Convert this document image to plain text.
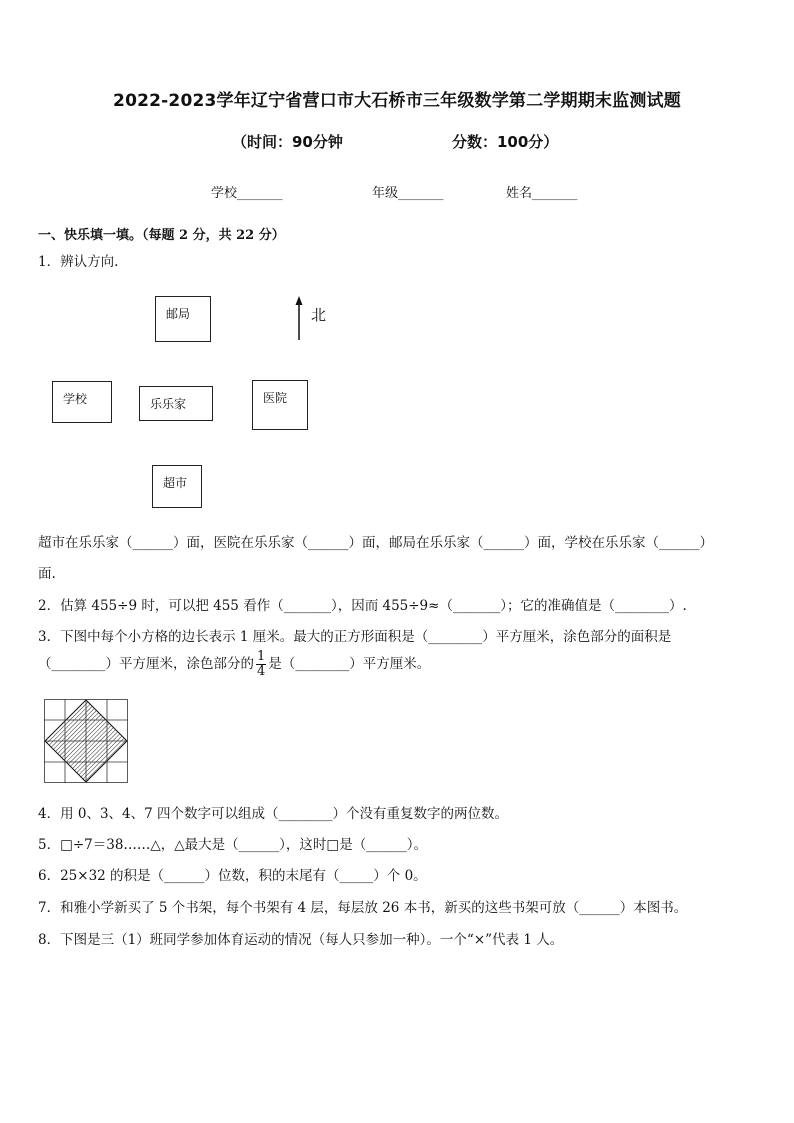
2022-2023学年辽宁省营口市大石桥市三年级数学第二学期期末监测试题
（时间：90分钟	分数：100分）
学校_______	年级_______	姓名_______
一、快乐填一填。（每题 2 分，共 22 分）
1．辨认方向.
邮局	北
学校	乐乐家	医院
超市
超市在乐乐家（______）面，医院在乐乐家（______）面，邮局在乐乐家（______）面，学校在乐乐家（______）
面.
2．估算 455÷9 时，可以把 455 看作（_______），因而 455÷9≈（_______）；它的准确值是（________）.
3．下图中每个小方格的边长表示 1 厘米。最大的正方形面积是（________）平方厘米，涂色部分的面积是
（________）平方厘米，涂色部分的 $\frac{1}{4}$ 是（________）平方厘米。
4．用 0、3、4、7 四个数字可以组成（________）个没有重复数字的两位数。
5．□÷7＝38……△，△最大是（______），这时□是（______）。
6．25×32 的积是（______）位数，积的末尾有（_____）个 0。
7．和雅小学新买了 5 个书架，每个书架有 4 层，每层放 26 本书，新买的这些书架可放（______）本图书。
8．下图是三（1）班同学参加体育运动的情况（每人只参加一种）。一个“×”代表 1 人。
